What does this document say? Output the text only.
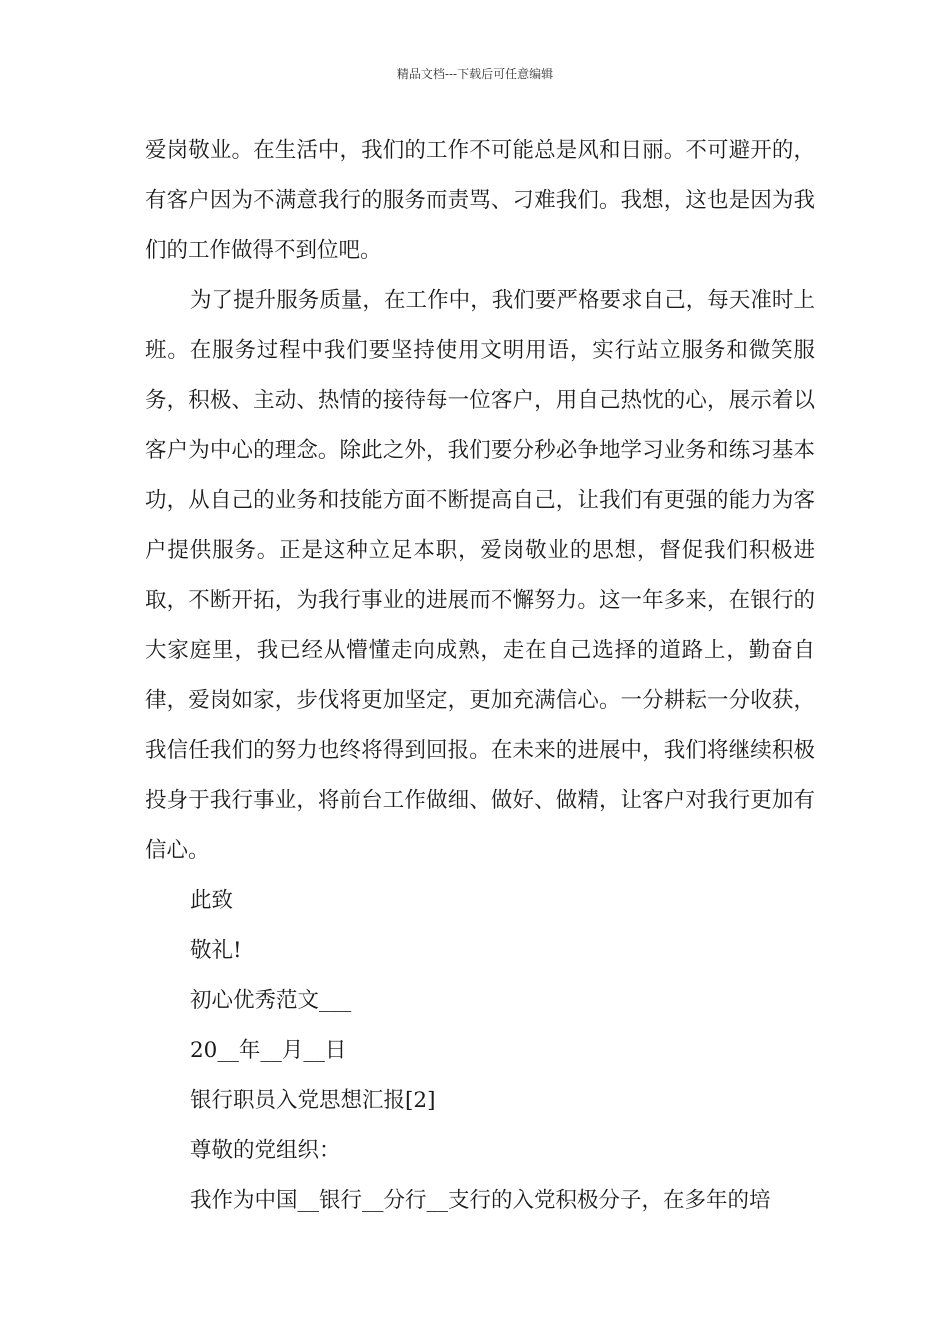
精品文档---下载后可任意编辑

爱岗敬业。在生活中，我们的工作不可能总是风和日丽。不可避开的，有客户因为不满意我行的服务而责骂、刁难我们。我想，这也是因为我们的工作做得不到位吧。

为了提升服务质量，在工作中，我们要严格要求自己，每天准时上班。在服务过程中我们要坚持使用文明用语，实行站立服务和微笑服务，积极、主动、热情的接待每一位客户，用自己热忱的心，展示着以客户为中心的理念。除此之外，我们要分秒必争地学习业务和练习基本功，从自己的业务和技能方面不断提高自己，让我们有更强的能力为客户提供服务。正是这种立足本职，爱岗敬业的思想，督促我们积极进取，不断开拓，为我行事业的进展而不懈努力。这一年多来，在银行的大家庭里，我已经从懵懂走向成熟，走在自己选择的道路上，勤奋自律，爱岗如家，步伐将更加坚定，更加充满信心。一分耕耘一分收获，我信任我们的努力也终将得到回报。在未来的进展中，我们将继续积极投身于我行事业，将前台工作做细、做好、做精，让客户对我行更加有信心。

此致

敬礼!

初心优秀范文___

20__年__月__日

银行职员入党思想汇报[2]

尊敬的党组织：

我作为中国__银行__分行__支行的入党积极分子，在多年的培
